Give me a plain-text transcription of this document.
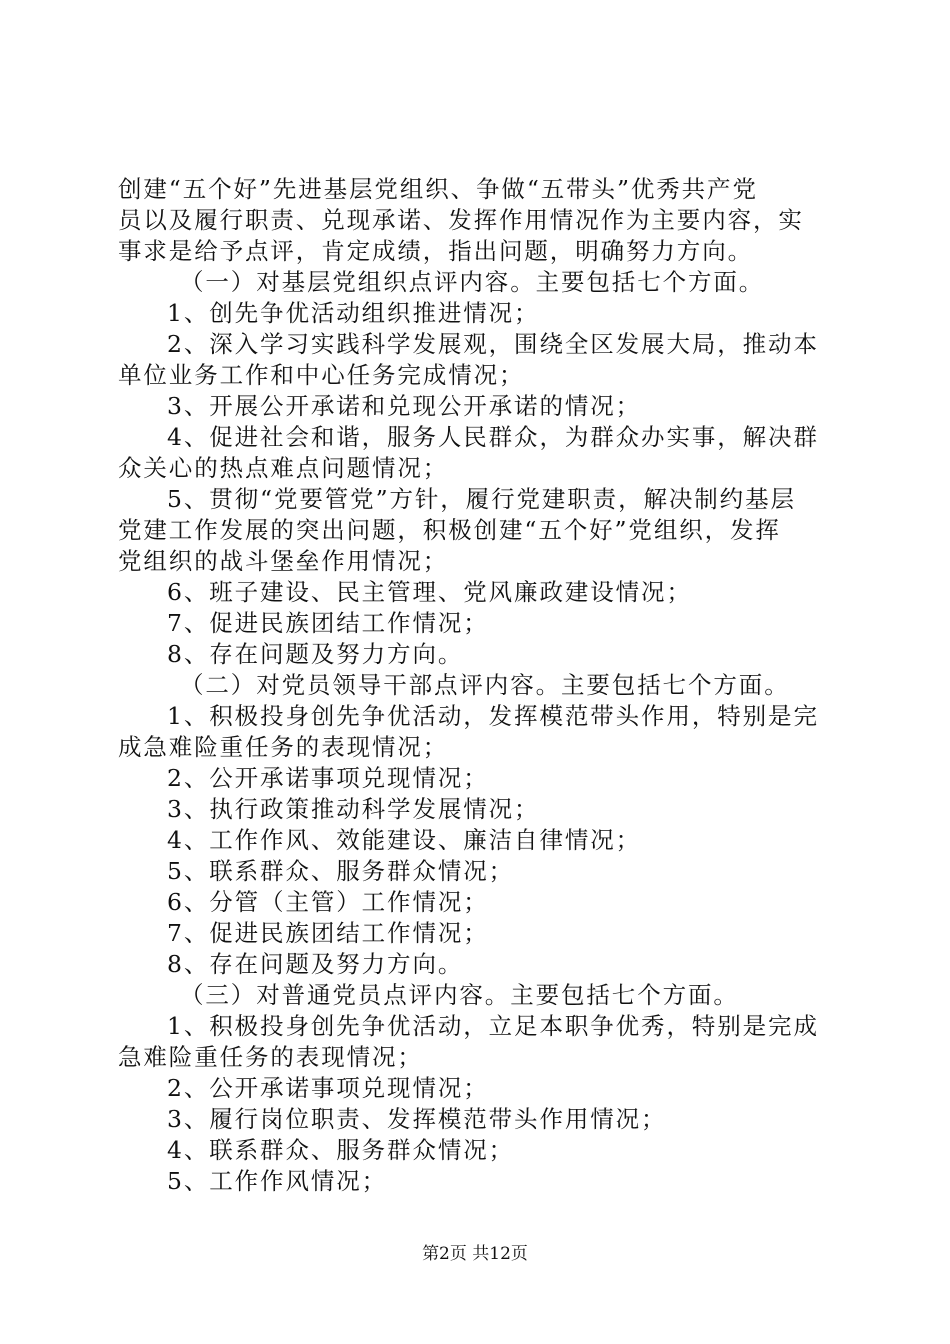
创建“五个好”先进基层党组织、争做“五带头”优秀共产党
员以及履行职责、兑现承诺、发挥作用情况作为主要内容，实
事求是给予点评，肯定成绩，指出问题，明确努力方向。
（一）对基层党组织点评内容。主要包括七个方面。
1、创先争优活动组织推进情况；
2、深入学习实践科学发展观，围绕全区发展大局，推动本
单位业务工作和中心任务完成情况；
3、开展公开承诺和兑现公开承诺的情况；
4、促进社会和谐，服务人民群众，为群众办实事，解决群
众关心的热点难点问题情况；
5、贯彻“党要管党”方针，履行党建职责，解决制约基层
党建工作发展的突出问题，积极创建“五个好”党组织，发挥
党组织的战斗堡垒作用情况；
6、班子建设、民主管理、党风廉政建设情况；
7、促进民族团结工作情况；
8、存在问题及努力方向。
（二）对党员领导干部点评内容。主要包括七个方面。
1、积极投身创先争优活动，发挥模范带头作用，特别是完
成急难险重任务的表现情况；
2、公开承诺事项兑现情况；
3、执行政策推动科学发展情况；
4、工作作风、效能建设、廉洁自律情况；
5、联系群众、服务群众情况；
6、分管（主管）工作情况；
7、促进民族团结工作情况；
8、存在问题及努力方向。
（三）对普通党员点评内容。主要包括七个方面。
1、积极投身创先争优活动，立足本职争优秀，特别是完成
急难险重任务的表现情况；
2、公开承诺事项兑现情况；
3、履行岗位职责、发挥模范带头作用情况；
4、联系群众、服务群众情况；
5、工作作风情况；
第2页 共12页
